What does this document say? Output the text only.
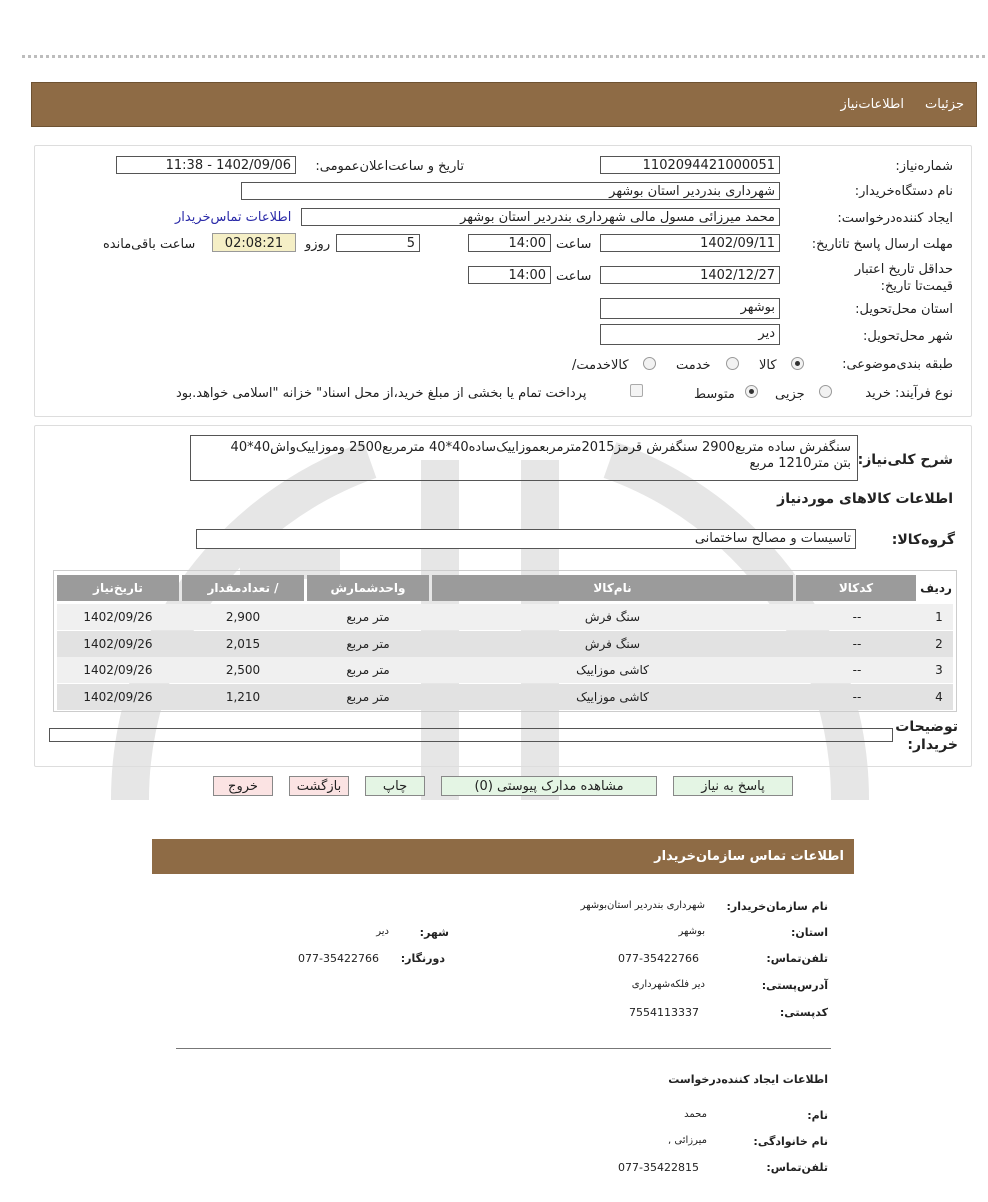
جزئیات
اطلاعات‌نیاز
شماره‌نیاز:
1102094421000051
تاریخ و ساعت‌اعلان‌عمومی:
1402/09/06 - 11:38
نام دستگاه‌خریدار:
شهرداری بندردیر استان بوشهر
ایجاد کننده‌درخواست:
محمد میرزائی مسول مالی شهرداری بندردیر استان بوشهر
اطلاعات تماس‌خریدار
مهلت ارسال پاسخ تا‌تاریخ:
1402/09/11
ساعت
14:00
5
روزو
02:08:21
ساعت باقی‌مانده
حداقل تاریخ اعتبار قیمت‌تا تاریخ:
1402/12/27
ساعت
14:00
استان محل‌تحویل:
بوشهر
شهر محل‌تحویل:
دیر
طبقه بندی‌موضوعی:
کالا
خدمت
کالا‌خدمت/
نوع فرآیند: خرید
جزیی
متوسط
پرداخت تمام یا بخشی از مبلغ خرید،از محل اسناد" خزانه "اسلامی خواهد.بود
شرح کلی‌نیاز:
سنگفرش ساده متربع2900 سنگفرش قرمز2015مترمربعموزاییک‌ساده40*40 مترمربع2500 وموزاییک‌واش40*40
بتن متر1210 مربع
اطلاعات کالاهای موردنیاز
گروه‌کالا:
تاسیسات و مصالح ساختمانی
ردیف
کدکالا
نام‌کالا
واحدشمارش
تعداد‌مقدار /
تاریخ‌نیاز
1
--
سنگ فرش
متر مربع
2,900
1402/09/26
2
--
سنگ فرش
متر مربع
2,015
1402/09/26
3
--
کاشی موزاییک
متر مربع
2,500
1402/09/26
4
--
کاشی موزاییک
متر مربع
1,210
1402/09/26
توضیحات خریدار:
پاسخ به نیاز
مشاهده مدارک پیوستی (0)
چاپ
بازگشت
خروج
اطلاعات تماس سازمان‌خریدار
نام سازمان‌خریدار:
شهرداری بندردیر استان‌بوشهر
استان:
بوشهر
شهر:
دیر
تلفن‌تماس:
077-35422766
دورنگار:
077-35422766
آدرس‌پستی:
دیر فلکه‌شهرداری
کدپستی:
7554113337
اطلاعات ایجاد کننده‌درخواست
نام:
محمد
نام خانوادگی:
میرزائی ,
تلفن‌تماس:
077-35422815
